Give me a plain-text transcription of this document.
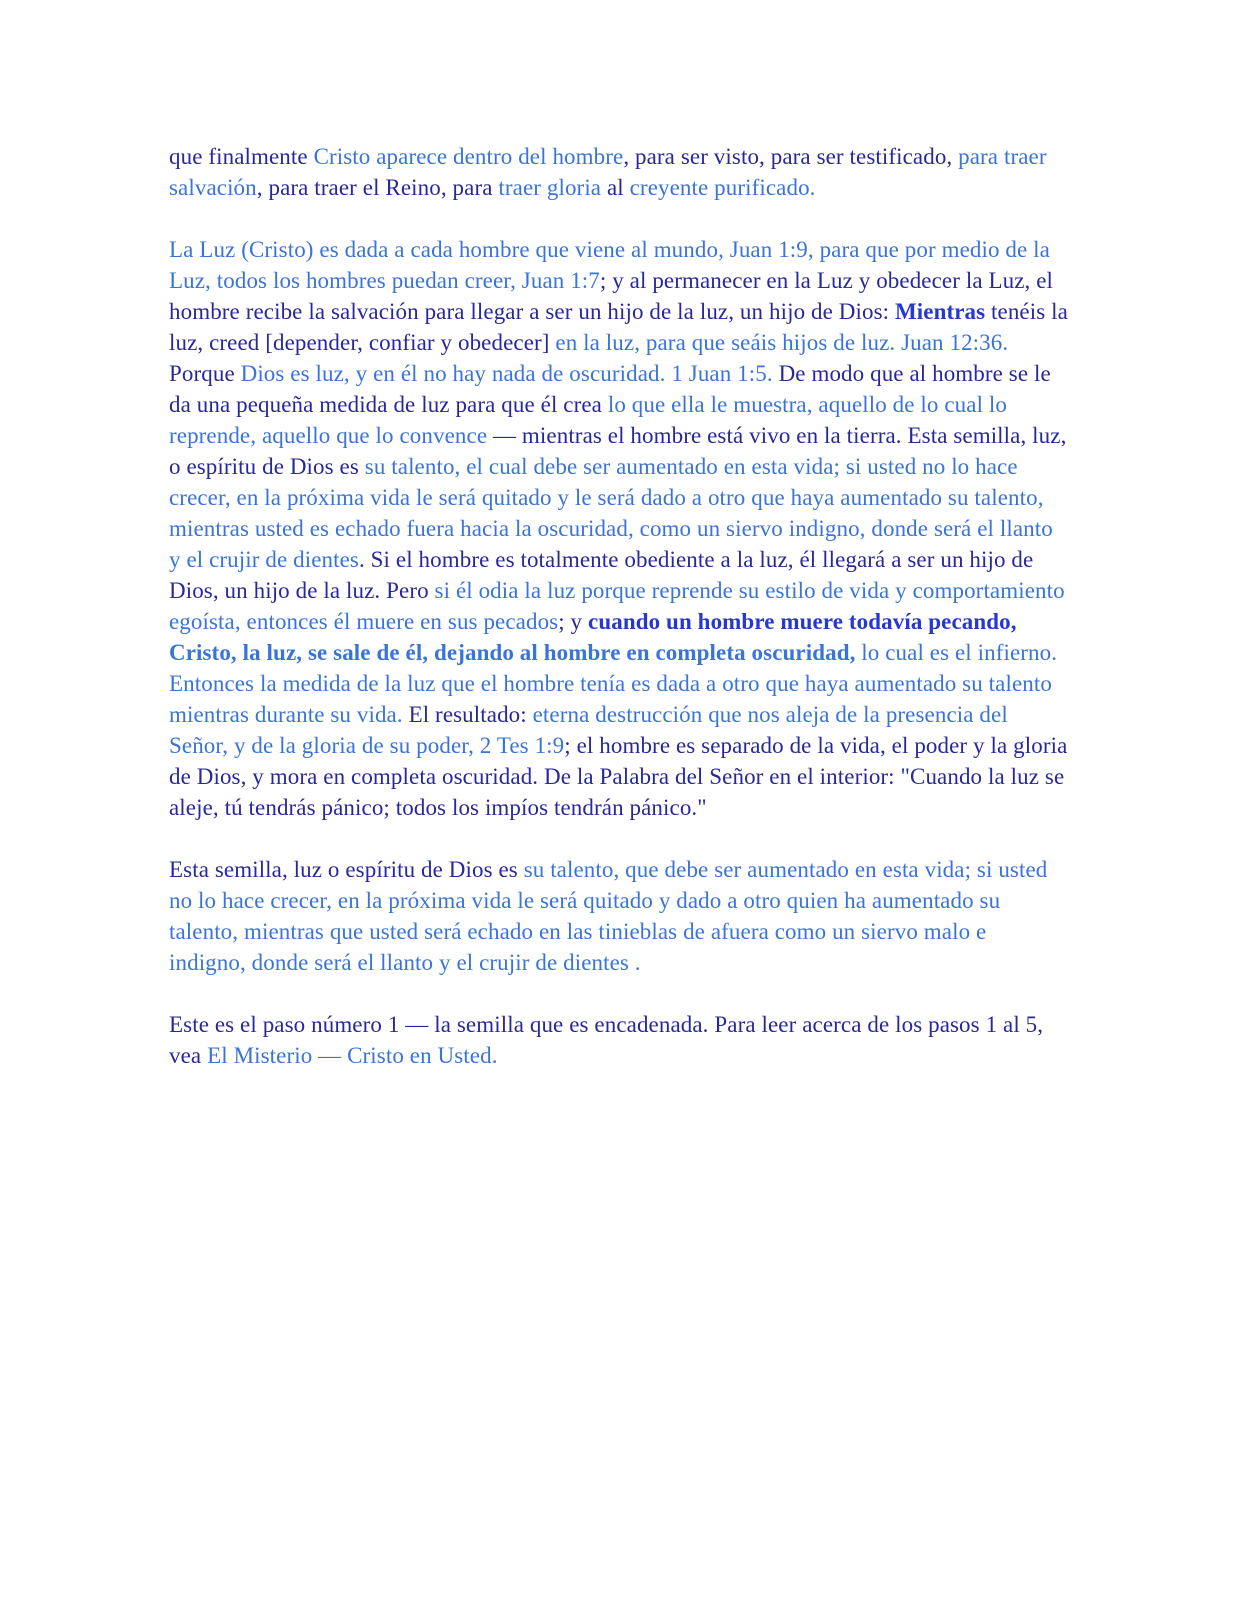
que finalmente Cristo aparece dentro del hombre, para ser visto, para ser testificado, para traer salvación, para traer el Reino, para traer gloria al creyente purificado.

La Luz (Cristo) es dada a cada hombre que viene al mundo, Juan 1:9, para que por medio de la Luz, todos los hombres puedan creer, Juan 1:7; y al permanecer en la Luz y obedecer la Luz, el hombre recibe la salvación para llegar a ser un hijo de la luz, un hijo de Dios: Mientras tenéis la luz, creed [depender, confiar y obedecer] en la luz, para que seáis hijos de luz. Juan 12:36. Porque Dios es luz, y en él no hay nada de oscuridad. 1 Juan 1:5. De modo que al hombre se le da una pequeña medida de luz para que él crea lo que ella le muestra, aquello de lo cual lo reprende, aquello que lo convence — mientras el hombre está vivo en la tierra. Esta semilla, luz, o espíritu de Dios es su talento, el cual debe ser aumentado en esta vida; si usted no lo hace crecer, en la próxima vida le será quitado y le será dado a otro que haya aumentado su talento, mientras usted es echado fuera hacia la oscuridad, como un siervo indigno, donde será el llanto y el crujir de dientes. Si el hombre es totalmente obediente a la luz, él llegará a ser un hijo de Dios, un hijo de la luz. Pero si él odia la luz porque reprende su estilo de vida y comportamiento egoísta, entonces él muere en sus pecados; y cuando un hombre muere todavía pecando, Cristo, la luz, se sale de él, dejando al hombre en completa oscuridad, lo cual es el infierno. Entonces la medida de la luz que el hombre tenía es dada a otro que haya aumentado su talento mientras durante su vida. El resultado: eterna destrucción que nos aleja de la presencia del Señor, y de la gloria de su poder, 2 Tes 1:9; el hombre es separado de la vida, el poder y la gloria de Dios, y mora en completa oscuridad. De la Palabra del Señor en el interior: "Cuando la luz se aleje, tú tendrás pánico; todos los impíos tendrán pánico."

Esta semilla, luz o espíritu de Dios es su talento, que debe ser aumentado en esta vida; si usted no lo hace crecer, en la próxima vida le será quitado y dado a otro quien ha aumentado su talento, mientras que usted será echado en las tinieblas de afuera como un siervo malo e indigno, donde será el llanto y el crujir de dientes .

Este es el paso número 1 — la semilla que es encadenada. Para leer acerca de los pasos 1 al 5, vea El Misterio — Cristo en Usted.
